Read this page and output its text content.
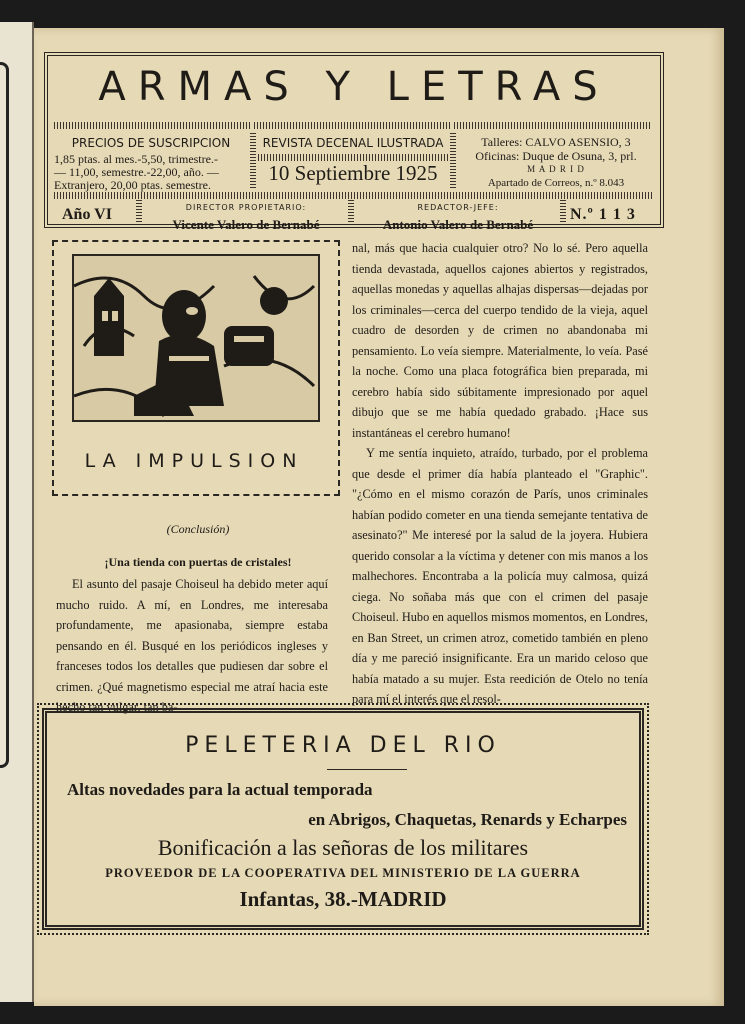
ARMAS Y LETRAS
PRECIOS DE SUSCRIPCION
1,85 ptas. al mes.-5,50, trimestre.-
— 11,00, semestre.-22,00, año. —
Extranjero, 20,00 ptas. semestre.
REVISTA DECENAL ILUSTRADA
10 Septiembre 1925
Talleres: CALVO ASENSIO, 3
Oficinas: Duque de Osuna, 3, prl.
M A D R I D
Apartado de Correos, n.º 8.043
Año VI	DIRECTOR PROPIETARIO:
Vicente Valero de Bernabé
REDACTOR-JEFE:
Antonio Valero de Bernabé
N.º 1 1 3
LA IMPULSION
(Conclusión)
¡Una tienda con puertas de cristales!

El asunto del pasaje Choiseul ha debido meter aquí mucho ruido. A mí, en Londres, me interesaba profundamente, me apasionaba, siempre estaba pensando en él. Busqué en los periódicos ingleses y franceses todos los detalles que pudiesen dar sobre el crimen. ¿Qué magnetismo especial me atraí hacia este hecho tan vulgar, tan ba-

nal, más que hacia cualquier otro? No lo sé. Pero aquella tienda devastada, aquellos cajones abiertos y registrados, aquellas monedas y aquellas alhajas dispersas—dejadas por los criminales—cerca del cuerpo tendido de la vieja, aquel cuadro de desorden y de crimen no abandonaba mi pensamiento. Lo veía siempre. Materialmente, lo veía. Pasé la noche. Como una placa fotográfica bien preparada, mi cerebro había sido súbitamente impresionado por aquel dibujo que se me había quedado grabado. ¡Hace sus instantáneas el cerebro humano!

Y me sentía inquieto, atraído, turbado, por el problema que desde el primer día había planteado el "Graphic". "¿Cómo en el mismo corazón de París, unos criminales habían podido cometer en una tienda semejante tentativa de asesinato?" Me interesé por la salud de la joyera. Hubiera querido consolar a la víctima y detener con mis manos a los malhechores. Encontraba a la policía muy calmosa, quizá ciega. No soñaba más que con el crimen del pasaje Choiseul. Hubo en aquellos mismos momentos, en Londres, en Ban Street, un crimen atroz, cometido también en pleno día y me pareció insignificante. Era un marido celoso que había matado a su mujer. Esta reedición de Otelo no tenía para mí el interés que el resol-

PELETERIA DEL RIO
Altas novedades para la actual temporada
en Abrigos, Chaquetas, Renards y Echarpes
Bonificación a las señoras de los militares
PROVEEDOR DE LA COOPERATIVA DEL MINISTERIO DE LA GUERRA
Infantas, 38.-MADRID
